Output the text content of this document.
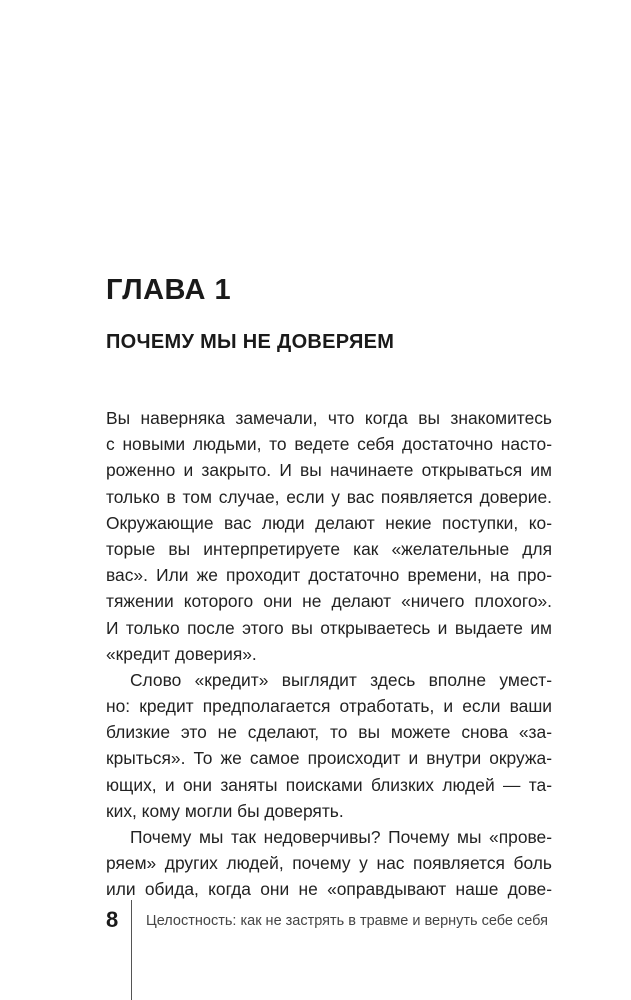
ГЛАВА 1
ПОЧЕМУ МЫ НЕ ДОВЕРЯЕМ
Вы наверняка замечали, что когда вы знакомитесь
с новыми людьми, то ведете себя достаточно насто-
роженно и закрыто. И вы начинаете открываться им
только в том случае, если у вас появляется доверие.
Окружающие вас люди делают некие поступки, ко-
торые вы интерпретируете как «желательные для
вас». Или же проходит достаточно времени, на про-
тяжении которого они не делают «ничего плохого».
И только после этого вы открываетесь и выдаете им
«кредит доверия».
Слово «кредит» выглядит здесь вполне умест-
но: кредит предполагается отработать, и если ваши
близкие это не сделают, то вы можете снова «за-
крыться». То же самое происходит и внутри окружа-
ющих, и они заняты поисками близких людей — та-
ких, кому могли бы доверять.
Почему мы так недоверчивы? Почему мы «прове-
ряем» других людей, почему у нас появляется боль
или обида, когда они не «оправдывают наше дове-
8 Целостность: как не застрять в травме и вернуть себе себя
